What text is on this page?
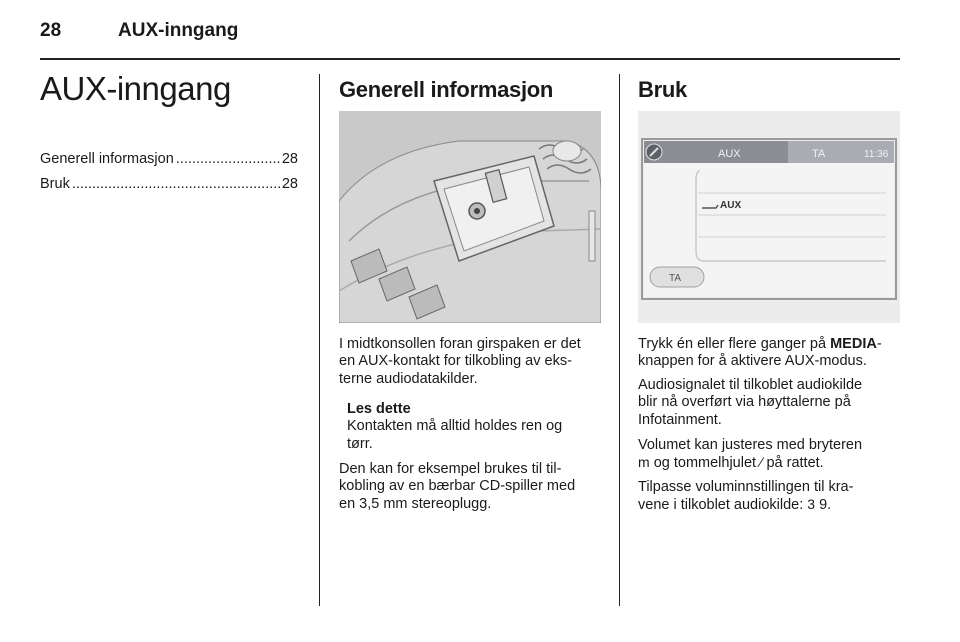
28	AUX-inngang
AUX-inngang
Generell informasjon .....	28
Bruk .....	28
Generell informasjon
I midtkonsollen foran girspaken er det
en AUX-kontakt for tilkobling av eks-
terne audiodatakilder.
Les dette
Kontakten må alltid holdes ren og
tørr.
Den kan for eksempel brukes til til-
kobling av en bærbar CD-spiller med
en 3,5 mm stereoplugg.
Bruk
AUX	TA	11:36
AUX
TA
Trykk én eller flere ganger på MEDIA-
knappen for å aktivere AUX-modus.
Audiosignalet til tilkoblet audiokilde
blir nå overført via høyttalerne på
Infotainment.
Volumet kan justeres med bryteren
m og tommelhjulet ⁄ på rattet.
Tilpasse voluminnstillingen til kra-
vene i tilkoblet audiokilde: 3 9.
